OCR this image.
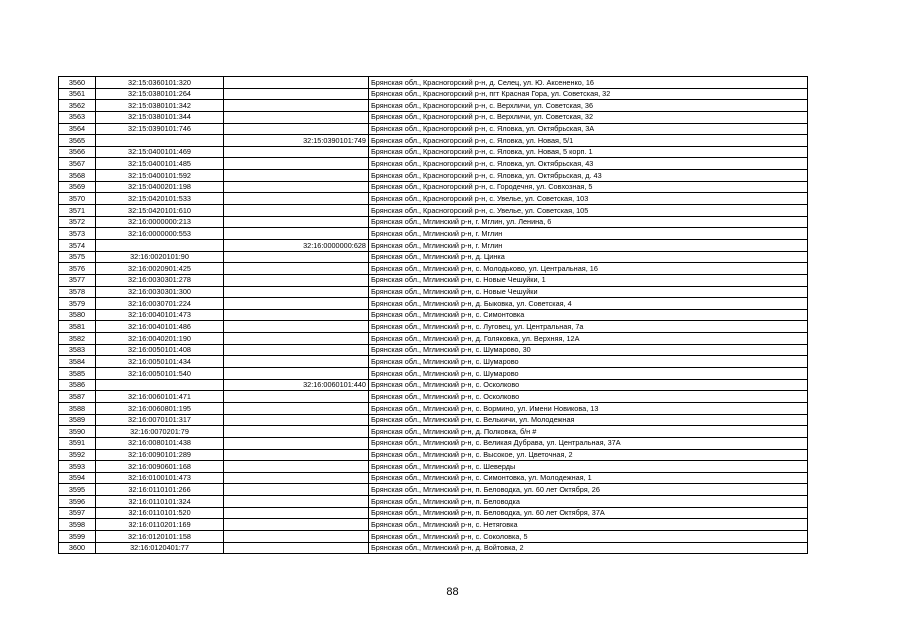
3560	32:15:0360101:320		Брянская обл., Красногорский р-н, д. Селец, ул. Ю. Аксененко, 16
3561	32:15:0380101:264		Брянская обл., Красногорский р-н, пгт Красная Гора, ул. Советская, 32
3562	32:15:0380101:342		Брянская обл., Красногорский р-н, с. Верхличи, ул. Советская, 36
3563	32:15:0380101:344		Брянская обл., Красногорский р-н, с. Верхличи, ул. Советская, 32
3564	32:15:0390101:746		Брянская обл., Красногорский р-н, с. Яловка, ул. Октябрьская, 3А
3565		32:15:0390101:749	Брянская обл., Красногорский р-н, с. Яловка, ул. Новая, 5/1
3566	32:15:0400101:469		Брянская обл., Красногорский р-н, с. Яловка, ул. Новая, 5 корп. 1
3567	32:15:0400101:485		Брянская обл., Красногорский р-н, с. Яловка, ул. Октябрьская, 43
3568	32:15:0400101:592		Брянская обл., Красногорский р-н, с. Яловка, ул. Октябрьская, д. 43
3569	32:15:0400201:198		Брянская обл., Красногорский р-н, с. Городечня, ул. Совхозная, 5
3570	32:15:0420101:533		Брянская обл., Красногорский р-н, с. Увелье, ул. Советская, 103
3571	32:15:0420101:610		Брянская обл., Красногорский р-н, с. Увелье, ул. Советская, 105
3572	32:16:0000000:213		Брянская обл., Мглинский р-н, г. Мглин, ул. Ленина, 6
3573	32:16:0000000:553		Брянская обл., Мглинский р-н, г. Мглин
3574		32:16:0000000:628	Брянская обл., Мглинский р-н, г. Мглин
3575	32:16:0020101:90		Брянская обл., Мглинский р-н, д. Цинка
3576	32:16:0020901:425		Брянская обл., Мглинский р-н, с. Молодьково, ул. Центральная, 16
3577	32:16:0030301:278		Брянская обл., Мглинский р-н, с. Новые Чешуйки, 1
3578	32:16:0030301:300		Брянская обл., Мглинский р-н, с. Новые Чешуйки
3579	32:16:0030701:224		Брянская обл., Мглинский р-н, д. Быковка, ул. Советская, 4
3580	32:16:0040101:473		Брянская обл., Мглинский р-н, с. Симонтовка
3581	32:16:0040101:486		Брянская обл., Мглинский р-н, с. Луговец, ул. Центральная, 7а
3582	32:16:0040201:190		Брянская обл., Мглинский р-н, д. Голяковка, ул. Верхняя, 12А
3583	32:16:0050101:408		Брянская обл., Мглинский р-н, с. Шумарово, 30
3584	32:16:0050101:434		Брянская обл., Мглинский р-н, с. Шумарово
3585	32:16:0050101:540		Брянская обл., Мглинский р-н, с. Шумарово
3586		32:16:0060101:440	Брянская обл., Мглинский р-н, с. Осколково
3587	32:16:0060101:471		Брянская обл., Мглинский р-н, с. Осколково
3588	32:16:0060801:195		Брянская обл., Мглинский р-н, с. Вормино, ул. Имени Новикова, 13
3589	32:16:0070101:317		Брянская обл., Мглинский р-н, с. Велькичи, ул. Молодежная
3590	32:16:0070201:79		Брянская обл., Мглинский р-н, д. Полковка, б/н #
3591	32:16:0080101:438		Брянская обл., Мглинский р-н, с. Великая Дубрава, ул. Центральная, 37А
3592	32:16:0090101:289		Брянская обл., Мглинский р-н, с. Высокое, ул. Цветочная, 2
3593	32:16:0090601:168		Брянская обл., Мглинский р-н, с. Шеверды
3594	32:16:0100101:473		Брянская обл., Мглинский р-н, с. Симонтовка, ул. Молодежная, 1
3595	32:16:0110101:266		Брянская обл., Мглинский р-н, п. Беловодка, ул. 60 лет Октября, 26
3596	32:16:0110101:324		Брянская обл., Мглинский р-н, п. Беловодка
3597	32:16:0110101:520		Брянская обл., Мглинский р-н, п. Беловодка, ул. 60 лет Октября, 37А
3598	32:16:0110201:169		Брянская обл., Мглинский р-н, с. Нетяговка
3599	32:16:0120101:158		Брянская обл., Мглинский р-н, с. Соколовка, 5
3600	32:16:0120401:77		Брянская обл., Мглинский р-н, д. Войтовка, 2
88
